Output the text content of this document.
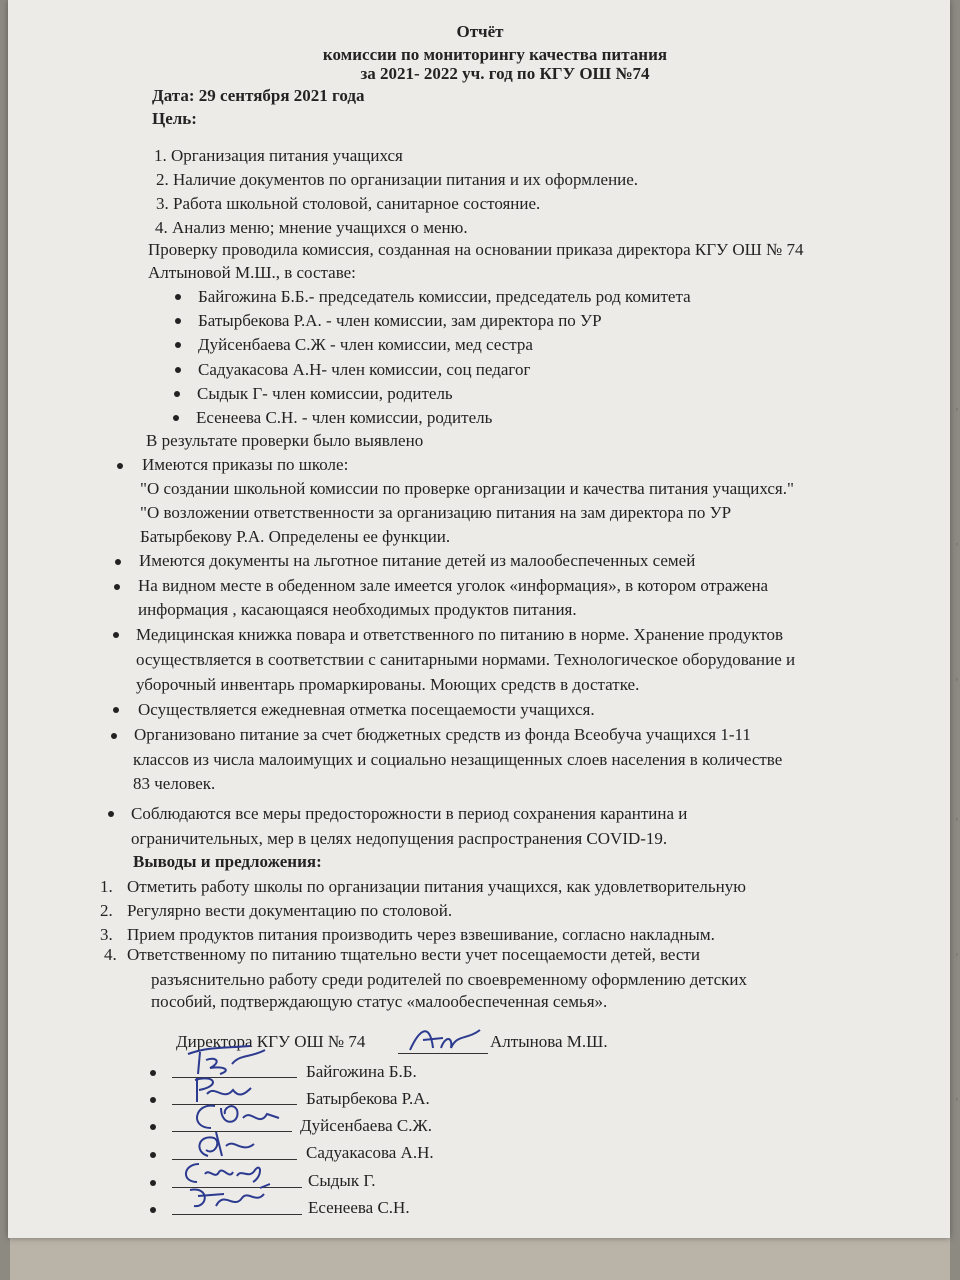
ᵉ
ᵉ
ᵉ
ᵉ
ᵉ
ᵉ
Отчёт
комиссии по мониторингу качества питания
за 2021- 2022 уч. год по КГУ ОШ №74
Дата: 29 сентября 2021 года
Цель:
1. Организация питания учащихся
2. Наличие документов по организации питания и их оформление.
3. Работа школьной столовой, санитарное состояние.
4. Анализ меню; мнение учащихся о меню.
Проверку проводила комиссия, созданная на основании приказа директора КГУ ОШ № 74
Алтыновой М.Ш., в составе:
Байгожина Б.Б.- председатель комиссии, председатель род комитета
Батырбекова Р.А. - член комиссии, зам директора по УР
Дуйсенбаева С.Ж - член комиссии, мед сестра
Садуакасова А.Н- член комиссии, соц педагог
Сыдык Г- член комиссии, родитель
Есенеева С.Н. - член комиссии, родитель
В результате проверки было выявлено
Имеются приказы по школе:
"О создании школьной комиссии по проверке организации и качества питания учащихся."
"О возложении ответственности за организацию питания на зам директора по УР
Батырбекову Р.А. Определены ее функции.
Имеются документы на льготное питание детей из малообеспеченных семей
На видном месте в обеденном зале имеется уголок «информация», в котором отражена
информация , касающаяся необходимых продуктов питания.
Медицинская книжка повара и ответственного по питанию в норме. Хранение продуктов
осуществляется в соответствии с санитарными нормами. Технологическое оборудование и
уборочный инвентарь промаркированы. Моющих средств в достатке.
Осуществляется ежедневная отметка посещаемости учащихся.
Организовано питание за счет бюджетных средств из фонда Всеобуча учащихся 1-11
классов из числа малоимущих и социально незащищенных слоев населения в количестве
83 человек.
Соблюдаются все меры предосторожности в период сохранения карантина и
ограничительных, мер в целях недопущения распространения COVID-19.
Выводы и предложения:
1. Отметить работу школы по организации питания учащихся, как удовлетворительную
2. Регулярно вести документацию по столовой.
3. Прием продуктов питания производить через взвешивание, согласно накладным.
4. Ответственному по питанию тщательно вести учет посещаемости детей, вести
разъяснительно работу среди родителей по своевременному оформлению детских
пособий, подтверждающую статус «малообеспеченная семья».
Директора КГУ ОШ № 74	Алтынова М.Ш.
Байгожина Б.Б.
Батырбекова Р.А.
Дуйсенбаева С.Ж.
Садуакасова А.Н.
Сыдык Г.
Есенеева С.Н.
